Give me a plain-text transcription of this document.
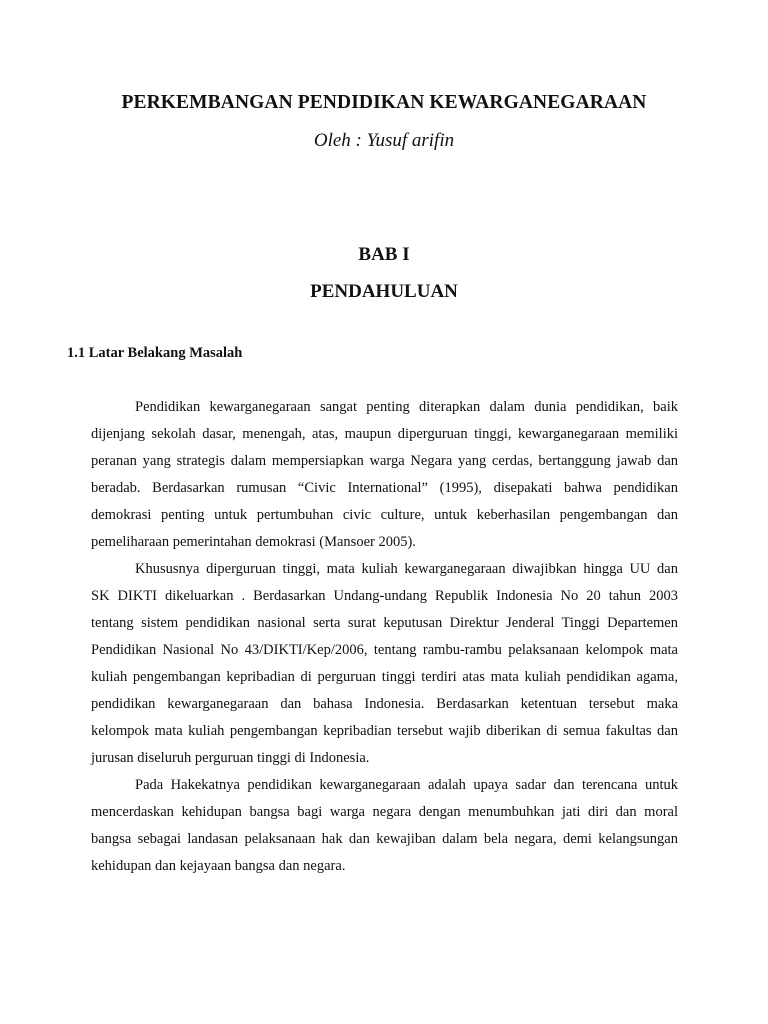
PERKEMBANGAN PENDIDIKAN KEWARGANEGARAAN
Oleh : Yusuf arifin
BAB I
PENDAHULUAN
1.1 Latar Belakang Masalah
Pendidikan kewarganegaraan sangat penting diterapkan dalam dunia pendidikan, baik
dijenjang sekolah dasar, menengah, atas, maupun diperguruan tinggi, kewarganegaraan memiliki
peranan yang strategis dalam mempersiapkan warga Negara yang cerdas, bertanggung jawab dan
beradab. Berdasarkan rumusan “Civic International” (1995), disepakati bahwa pendidikan
demokrasi penting untuk pertumbuhan civic culture, untuk keberhasilan pengembangan dan
pemeliharaan pemerintahan demokrasi (Mansoer 2005).
Khususnya diperguruan tinggi, mata kuliah kewarganegaraan diwajibkan hingga UU dan
SK DIKTI dikeluarkan . Berdasarkan Undang-undang Republik Indonesia No 20 tahun 2003
tentang sistem pendidikan nasional serta surat keputusan Direktur Jenderal Tinggi Departemen
Pendidikan Nasional No 43/DIKTI/Kep/2006, tentang rambu-rambu pelaksanaan kelompok mata
kuliah pengembangan kepribadian di perguruan tinggi terdiri atas mata kuliah pendidikan agama,
pendidikan kewarganegaraan dan bahasa Indonesia. Berdasarkan ketentuan tersebut maka
kelompok mata kuliah pengembangan kepribadian tersebut wajib diberikan di semua fakultas dan
jurusan diseluruh perguruan tinggi di Indonesia.
Pada Hakekatnya pendidikan kewarganegaraan adalah upaya sadar dan terencana untuk
mencerdaskan kehidupan bangsa bagi warga negara dengan menumbuhkan jati diri dan moral
bangsa sebagai landasan pelaksanaan hak dan kewajiban dalam bela negara, demi kelangsungan
kehidupan dan kejayaan bangsa dan negara.
